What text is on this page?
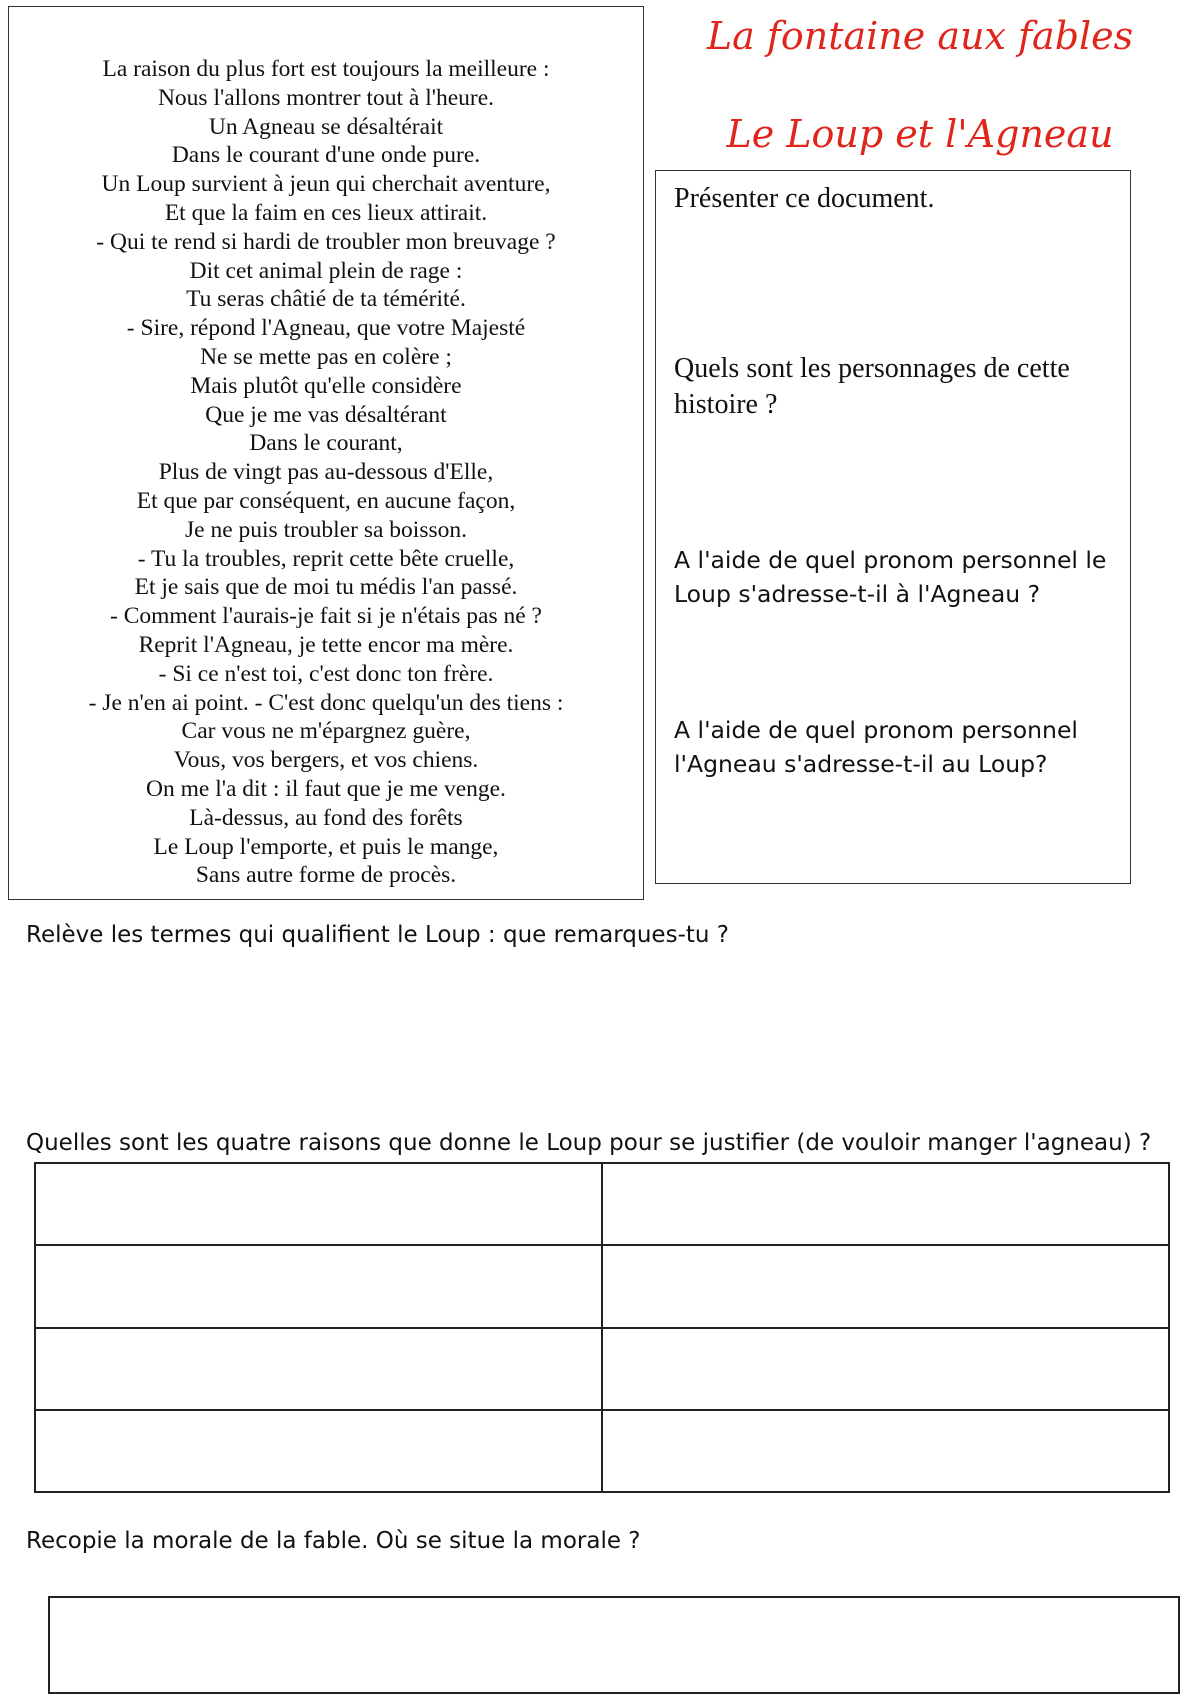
La raison du plus fort est toujours la meilleure :
Nous l'allons montrer tout à l'heure.
Un Agneau se désaltérait
Dans le courant d'une onde pure.
Un Loup survient à jeun qui cherchait aventure,
Et que la faim en ces lieux attirait.
- Qui te rend si hardi de troubler mon breuvage ?
Dit cet animal plein de rage :
Tu seras châtié de ta témérité.
- Sire, répond l'Agneau, que votre Majesté
Ne se mette pas en colère ;
Mais plutôt qu'elle considère
Que je me vas désaltérant
Dans le courant,
Plus de vingt pas au-dessous d'Elle,
Et que par conséquent, en aucune façon,
Je ne puis troubler sa boisson.
- Tu la troubles, reprit cette bête cruelle,
Et je sais que de moi tu médis l'an passé.
- Comment l'aurais-je fait si je n'étais pas né ?
Reprit l'Agneau, je tette encor ma mère.
- Si ce n'est toi, c'est donc ton frère.
- Je n'en ai point. - C'est donc quelqu'un des tiens :
Car vous ne m'épargnez guère,
Vous, vos bergers, et vos chiens.
On me l'a dit : il faut que je me venge.
Là-dessus, au fond des forêts
Le Loup l'emporte, et puis le mange,
Sans autre forme de procès.
La fontaine aux fables
Le Loup et l'Agneau
Présenter ce document.
Quels sont les personnages de cette histoire ?
A l'aide de quel pronom personnel le Loup s'adresse-t-il à l'Agneau ?
A l'aide de quel pronom personnel l'Agneau s'adresse-t-il au Loup?
Relève les termes qui qualifient le Loup : que remarques-tu ?
Quelles sont les quatre raisons que donne le Loup pour se justifier (de vouloir manger l'agneau) ?

Recopie la morale de la fable. Où se situe la morale ?
